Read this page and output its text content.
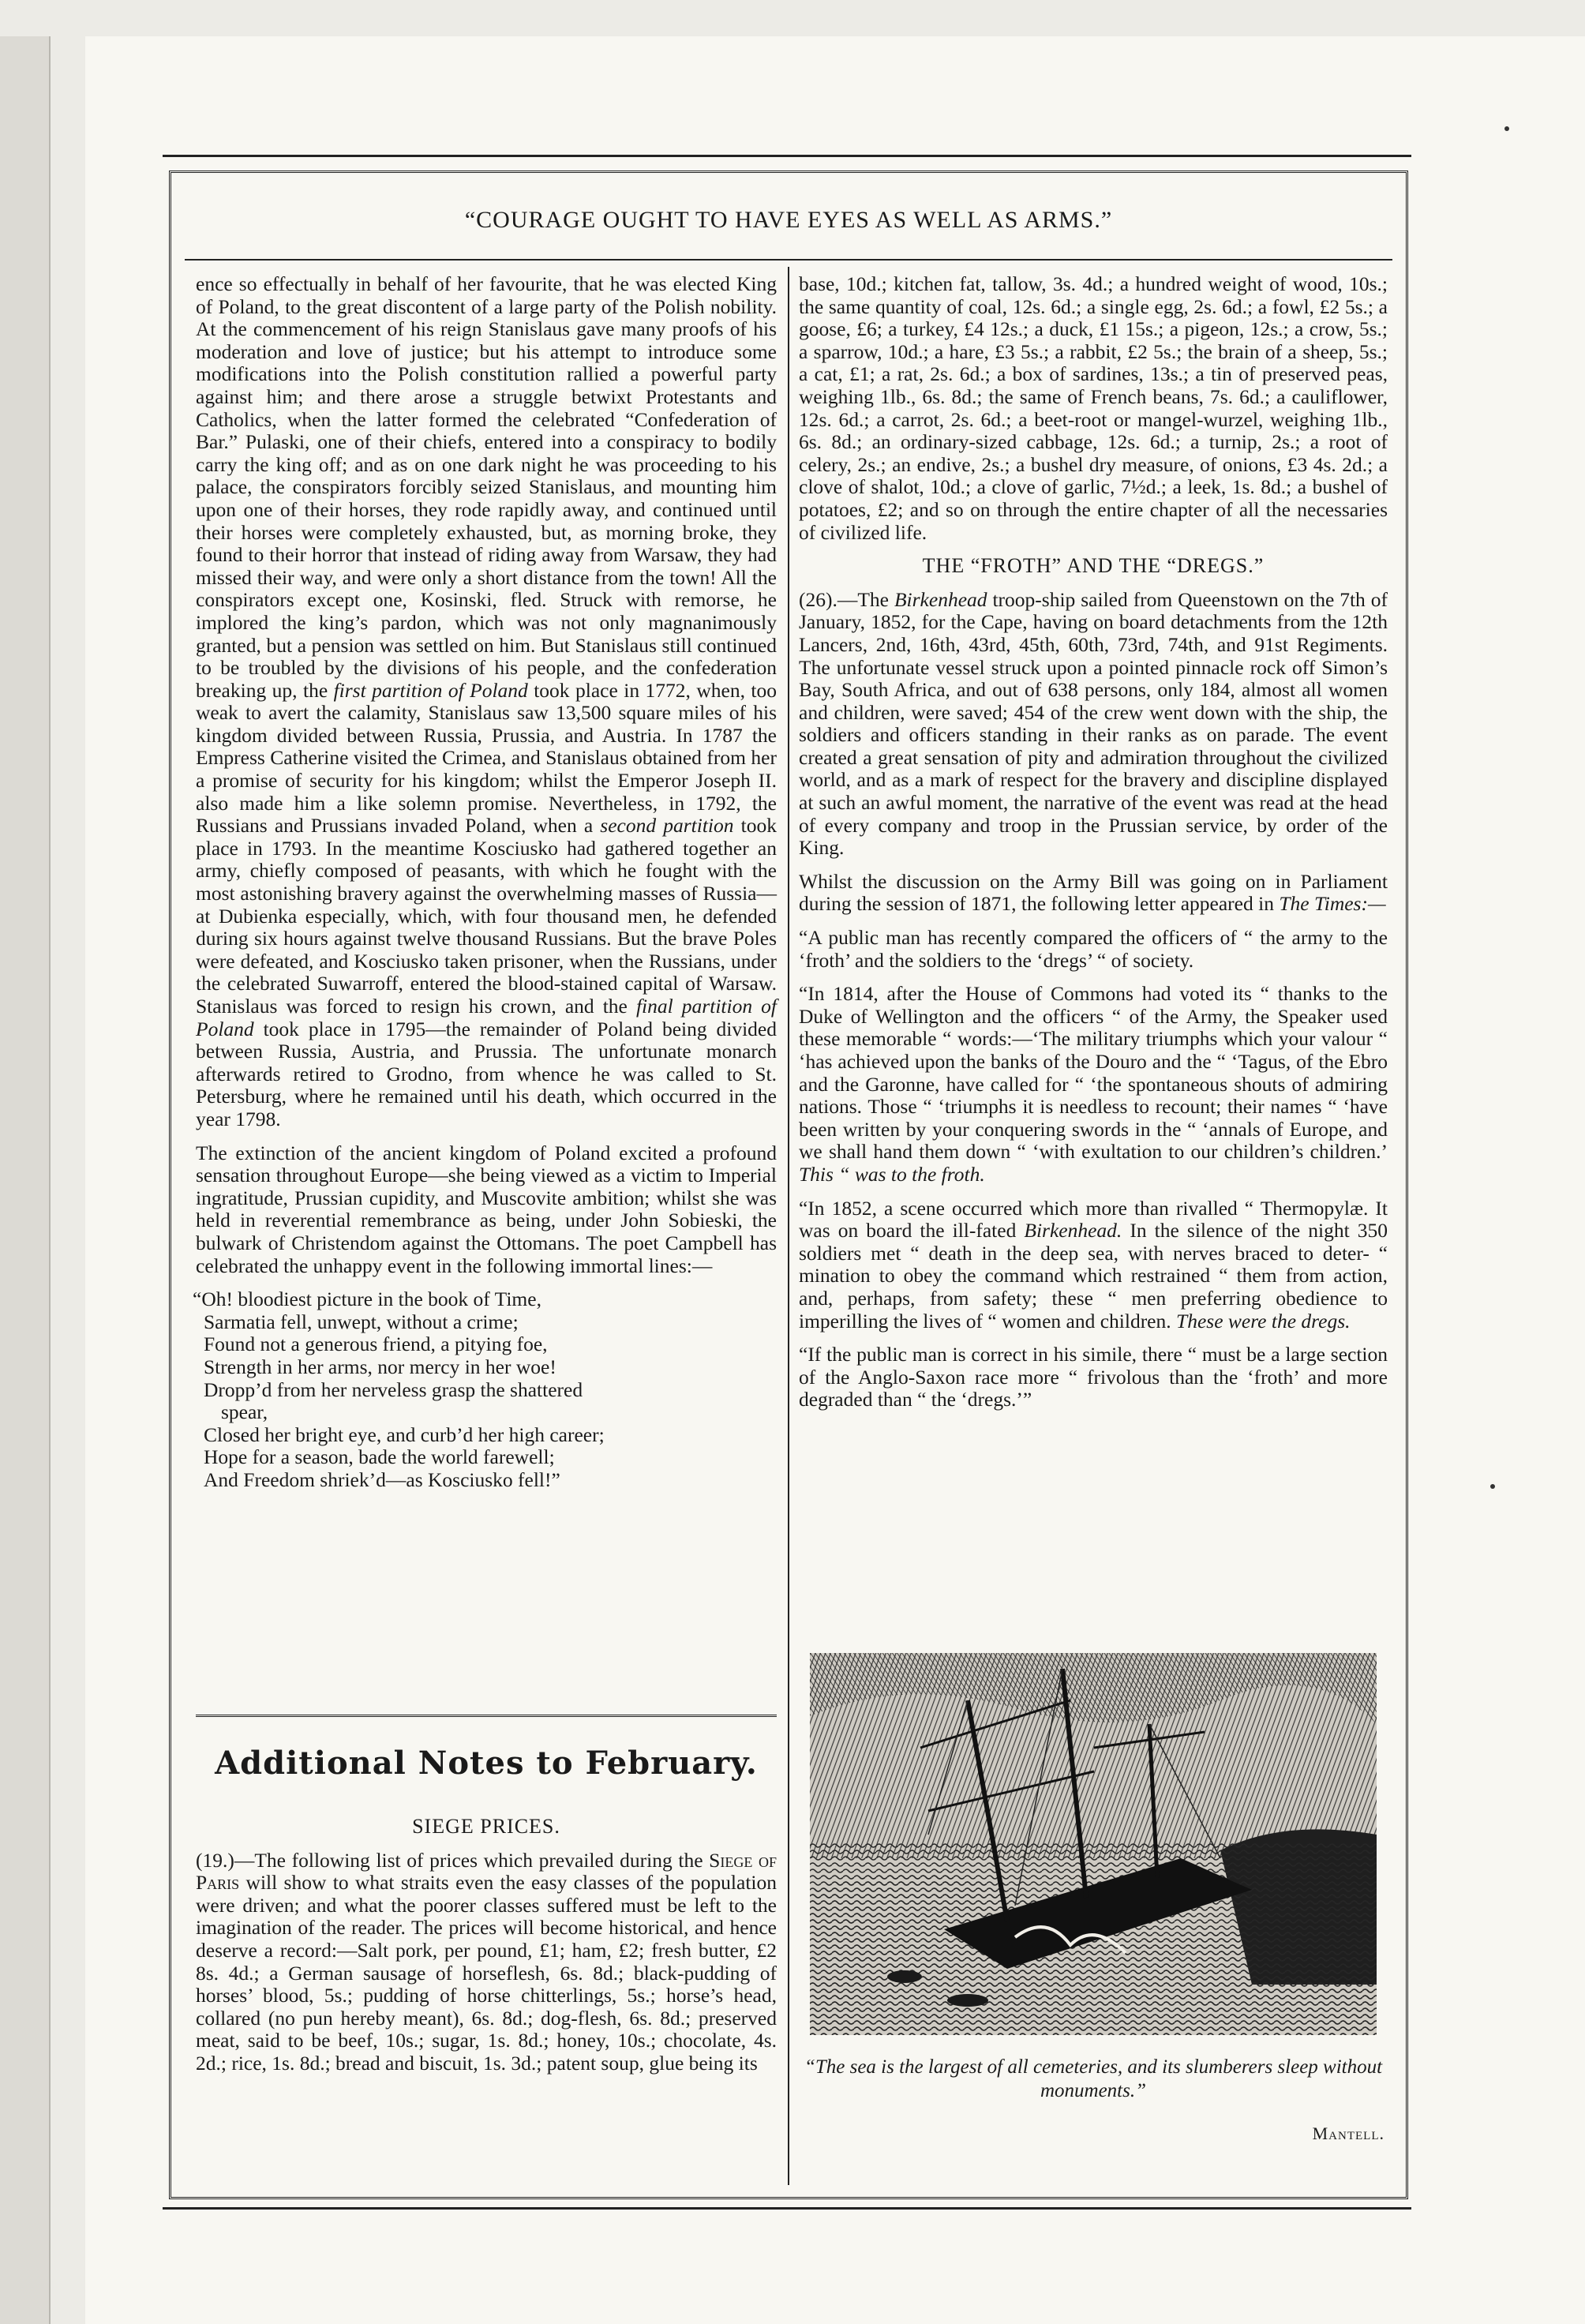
“COURAGE OUGHT TO HAVE EYES AS WELL AS ARMS.”

ence so effectually in behalf of her favourite, that he was elected King of Poland, to the great discontent of a large party of the Polish nobility. At the commencement of his reign Stanislaus gave many proofs of his moderation and love of justice; but his attempt to introduce some modifications into the Polish constitution rallied a powerful party against him; and there arose a struggle betwixt Protestants and Catholics, when the latter formed the celebrated “Confederation of Bar.” Pulaski, one of their chiefs, entered into a conspiracy to bodily carry the king off; and as on one dark night he was proceeding to his palace, the conspirators forcibly seized Stanislaus, and mounting him upon one of their horses, they rode rapidly away, and continued until their horses were completely exhausted, but, as morning broke, they found to their horror that instead of riding away from Warsaw, they had missed their way, and were only a short distance from the town! All the conspirators except one, Kosinski, fled. Struck with remorse, he implored the king’s pardon, which was not only magnanimously granted, but a pension was settled on him. But Stanislaus still continued to be troubled by the divisions of his people, and the confederation breaking up, the first partition of Poland took place in 1772, when, too weak to avert the calamity, Stanislaus saw 13,500 square miles of his kingdom divided between Russia, Prussia, and Austria. In 1787 the Empress Catherine visited the Crimea, and Stanislaus obtained from her a promise of security for his kingdom; whilst the Emperor Joseph II. also made him a like solemn promise. Nevertheless, in 1792, the Russians and Prussians invaded Poland, when a second partition took place in 1793. In the meantime Kosciusko had gathered together an army, chiefly composed of peasants, with which he fought with the most astonishing bravery against the overwhelming masses of Russia—at Dubienka especially, which, with four thousand men, he defended during six hours against twelve thousand Russians. But the brave Poles were defeated, and Kosciusko taken prisoner, when the Russians, under the celebrated Suwarroff, entered the blood-stained capital of Warsaw. Stanislaus was forced to resign his crown, and the final partition of Poland took place in 1795—the remainder of Poland being divided between Russia, Austria, and Prussia. The unfortunate monarch afterwards retired to Grodno, from whence he was called to St. Petersburg, where he remained until his death, which occurred in the year 1798.

The extinction of the ancient kingdom of Poland excited a profound sensation throughout Europe—she being viewed as a victim to Imperial ingratitude, Prussian cupidity, and Muscovite ambition; whilst she was held in reverential remembrance as being, under John Sobieski, the bulwark of Christendom against the Ottomans. The poet Campbell has celebrated the unhappy event in the following immortal lines:—

“Oh! bloodiest picture in the book of Time,
Sarmatia fell, unwept, without a crime;
Found not a generous friend, a pitying foe,
Strength in her arms, nor mercy in her woe!
Dropp’d from her nerveless grasp the shattered
spear,
Closed her bright eye, and curb’d her high career;
Hope for a season, bade the world farewell;
And Freedom shriek’d—as Kosciusko fell!”
Additional Notes to February.
SIEGE PRICES.

(19.)—The following list of prices which prevailed during the Siege of Paris will show to what straits even the easy classes of the population were driven; and what the poorer classes suffered must be left to the imagination of the reader. The prices will become historical, and hence deserve a record:—Salt pork, per pound, £1; ham, £2; fresh butter, £2 8s. 4d.; a German sausage of horseflesh, 6s. 8d.; black-pudding of horses’ blood, 5s.; pudding of horse chitterlings, 5s.; horse’s head, collared (no pun hereby meant), 6s. 8d.; dog-flesh, 6s. 8d.; preserved meat, said to be beef, 10s.; sugar, 1s. 8d.; honey, 10s.; chocolate, 4s. 2d.; rice, 1s. 8d.; bread and biscuit, 1s. 3d.; patent soup, glue being its

base, 10d.; kitchen fat, tallow, 3s. 4d.; a hundred weight of wood, 10s.; the same quantity of coal, 12s. 6d.; a single egg, 2s. 6d.; a fowl, £2 5s.; a goose, £6; a turkey, £4 12s.; a duck, £1 15s.; a pigeon, 12s.; a crow, 5s.; a sparrow, 10d.; a hare, £3 5s.; a rabbit, £2 5s.; the brain of a sheep, 5s.; a cat, £1; a rat, 2s. 6d.; a box of sardines, 13s.; a tin of preserved peas, weighing 1lb., 6s. 8d.; the same of French beans, 7s. 6d.; a cauliflower, 12s. 6d.; a carrot, 2s. 6d.; a beet-root or mangel-wurzel, weighing 1lb., 6s. 8d.; an ordinary-sized cabbage, 12s. 6d.; a turnip, 2s.; a root of celery, 2s.; an endive, 2s.; a bushel dry measure, of onions, £3 4s. 2d.; a clove of shalot, 10d.; a clove of garlic, 7½d.; a leek, 1s. 8d.; a bushel of potatoes, £2; and so on through the entire chapter of all the necessaries of civilized life.

THE “FROTH” AND THE “DREGS.”

(26).—The Birkenhead troop-ship sailed from Queenstown on the 7th of January, 1852, for the Cape, having on board detachments from the 12th Lancers, 2nd, 16th, 43rd, 45th, 60th, 73rd, 74th, and 91st Regiments. The unfortunate vessel struck upon a pointed pinnacle rock off Simon’s Bay, South Africa, and out of 638 persons, only 184, almost all women and children, were saved; 454 of the crew went down with the ship, the soldiers and officers standing in their ranks as on parade. The event created a great sensation of pity and admiration throughout the civilized world, and as a mark of respect for the bravery and discipline displayed at such an awful moment, the narrative of the event was read at the head of every company and troop in the Prussian service, by order of the King.

Whilst the discussion on the Army Bill was going on in Parliament during the session of 1871, the following letter appeared in The Times:—

“A public man has recently compared the officers of “ the army to the ‘froth’ and the soldiers to the ‘dregs’ “ of society.

“In 1814, after the House of Commons had voted its “ thanks to the Duke of Wellington and the officers “ of the Army, the Speaker used these memorable “ words:—‘The military triumphs which your valour “ ‘has achieved upon the banks of the Douro and the “ ‘Tagus, of the Ebro and the Garonne, have called for “ ‘the spontaneous shouts of admiring nations. Those “ ‘triumphs it is needless to recount; their names “ ‘have been written by your conquering swords in the “ ‘annals of Europe, and we shall hand them down “ ‘with exultation to our children’s children.’ This “ was to the froth.

“In 1852, a scene occurred which more than rivalled “ Thermopylæ. It was on board the ill-fated Birkenhead. In the silence of the night 350 soldiers met “ death in the deep sea, with nerves braced to deter- “ mination to obey the command which restrained “ them from action, and, perhaps, from safety; these “ men preferring obedience to imperilling the lives of “ women and children. These were the dregs.

“If the public man is correct in his simile, there “ must be a large section of the Anglo-Saxon race more “ frivolous than the ‘froth’ and more degraded than “ the ‘dregs.’”

“The sea is the largest of all cemeteries, and its slumberers sleep without monuments.”
Mantell.
